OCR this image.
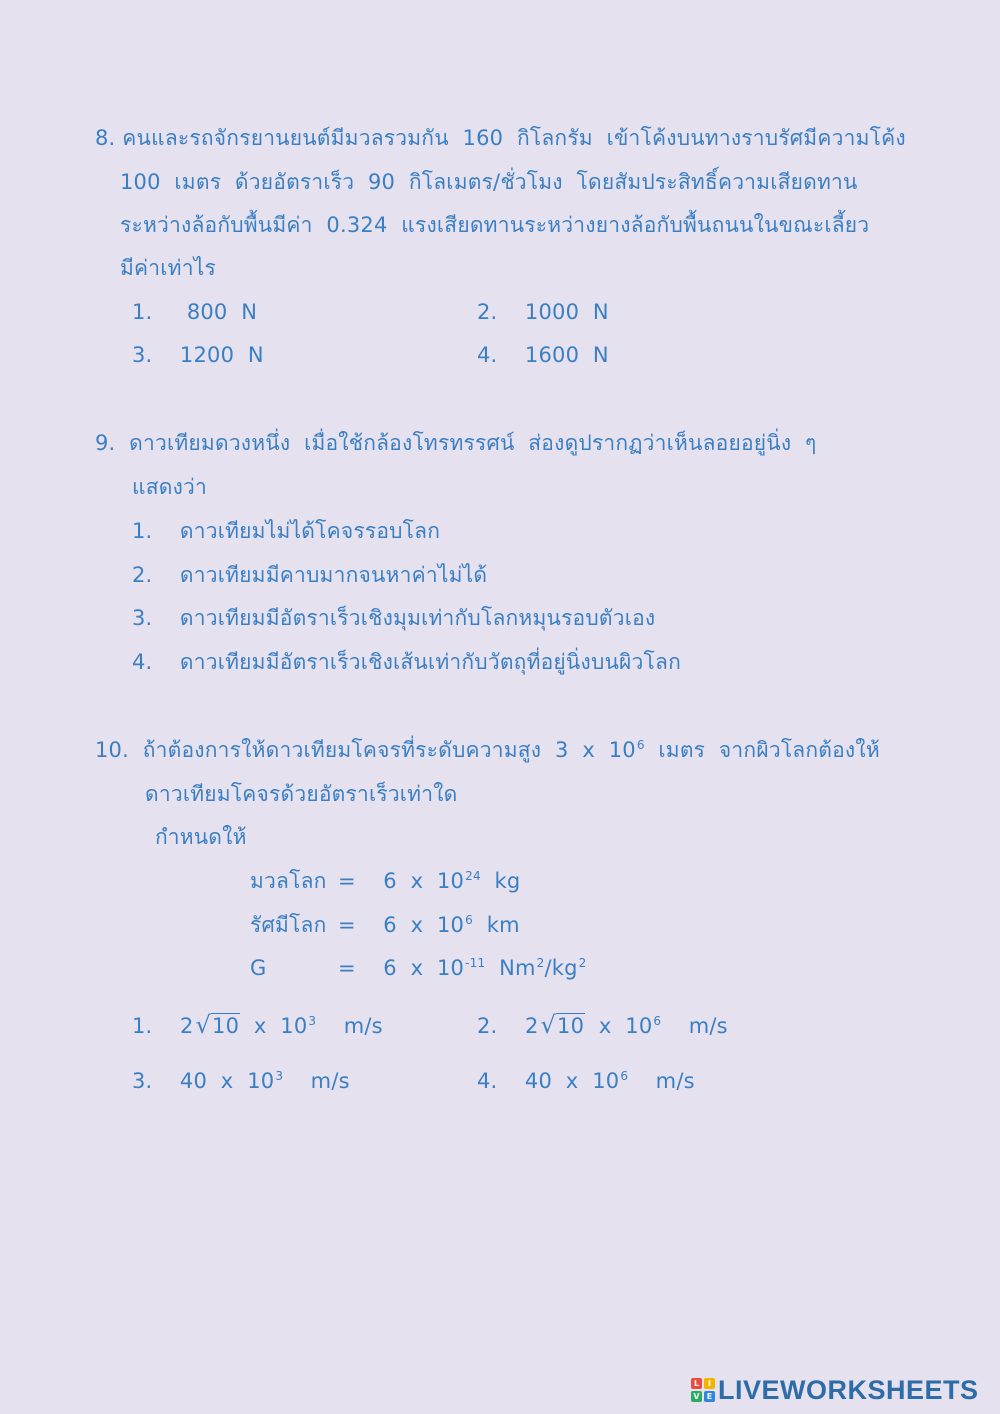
8. คนและรถจักรยานยนต์มีมวลรวมกัน  160  กิโลกรัม  เข้าโค้งบนทางราบรัศมีความโค้ง
100  เมตร  ด้วยอัตราเร็ว  90  กิโลเมตร/ชั่วโมง  โดยสัมประสิทธิ์ความเสียดทาน
ระหว่างล้อกับพื้นมีค่า  0.324  แรงเสียดทานระหว่างยางล้อกับพื้นถนนในขณะเลี้ยว
มีค่าเท่าไร
1.     800  N	2.    1000  N
3.    1200  N	4.    1600  N
9.  ดาวเทียมดวงหนึ่ง  เมื่อใช้กล้องโทรทรรศน์  ส่องดูปรากฏว่าเห็นลอยอยู่นิ่ง  ๆ
แสดงว่า
1.    ดาวเทียมไม่ได้โคจรรอบโลก
2.    ดาวเทียมมีคาบมากจนหาค่าไม่ได้
3.    ดาวเทียมมีอัตราเร็วเชิงมุมเท่ากับโลกหมุนรอบตัวเอง
4.    ดาวเทียมมีอัตราเร็วเชิงเส้นเท่ากับวัตถุที่อยู่นิ่งบนผิวโลก
10.  ถ้าต้องการให้ดาวเทียมโคจรที่ระดับความสูง  3  x  $10^6$  เมตร  จากผิวโลกต้องให้
ดาวเทียมโคจรด้วยอัตราเร็วเท่าใด
กำหนดให้
มวลโลก =    6  x  $10^{24}$  kg
รัศมีโลก =    6  x  $10^6$  km
G	=    6  x  $10^{-11}$  $Nm^2/kg^2$
1. 2√10  x  $10^3$    m/s	2. 2√10  x  $10^6$    m/s
3.    40  x  $10^3$    m/s	4.    40  x  $10^6$    m/s
L	I
V E LIVEWORKSHEETS
